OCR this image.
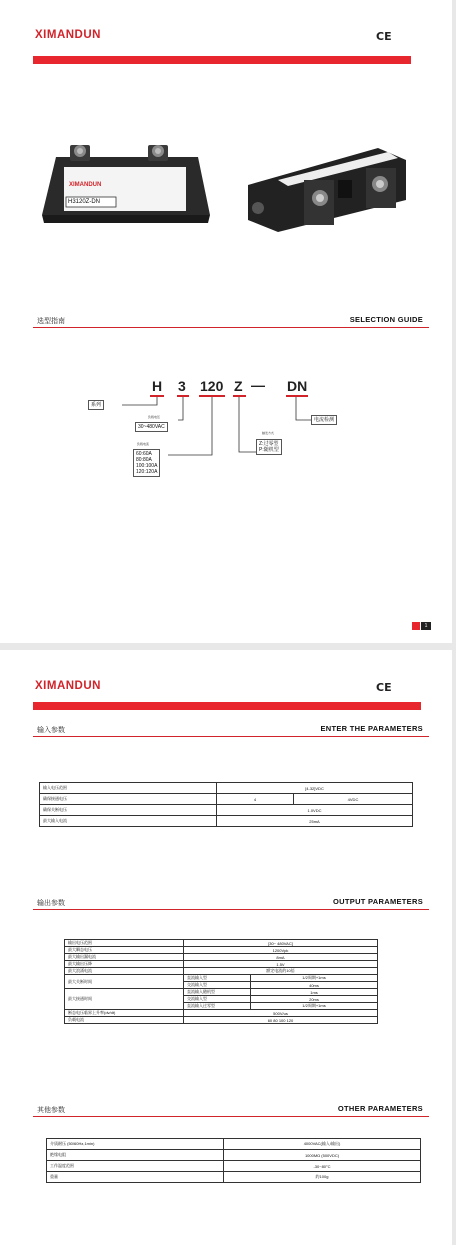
XIMANDUN	CE
XIMANDUN
H3120Z-DN
选型指南	SELECTION GUIDE
H 3 120 Z — DN
系列
负载电压
30~480VAC
负载电流
60:60A
80:80A
100:100A
120:120A
触发方式
Z:过零型
P:随机型
电流检测
1
XIMANDUN	CE
输入参数	ENTER THE PARAMETERS
输入电压范围	[4-32]VDC	
确保接通电压	4	4VDC
确保关断电压	1.0VDC	
最大输入电流	25mA	
输出参数	OUTPUT PARAMETERS
输出电压范围	[30~ 480VAC]	
最大瞬态电压	1200Vpk	
最大输出漏电流	8mA	
最大输出压降	1.5V	
最大浪涌电流	额定电流的10倍	
最大关断时间	直流输入型	1/2周期+1ms
	交流输入型	40ms
最大接通时间	直流输入随机型	1ms
	交流输入型	20ms
	直流输入过零型	1/2周期+1ms
断态电压临界上升率(dv/dt)	500V/us	
负载电流	60 80 100 120	
其他参数	OTHER PARAMETERS
介质耐压 (50/60Hz,1min)	4000VAC(输入/输出)
绝缘电阻	1000MΩ (500VDC)
工作温度范围	-30~80°C
重量	约100g
